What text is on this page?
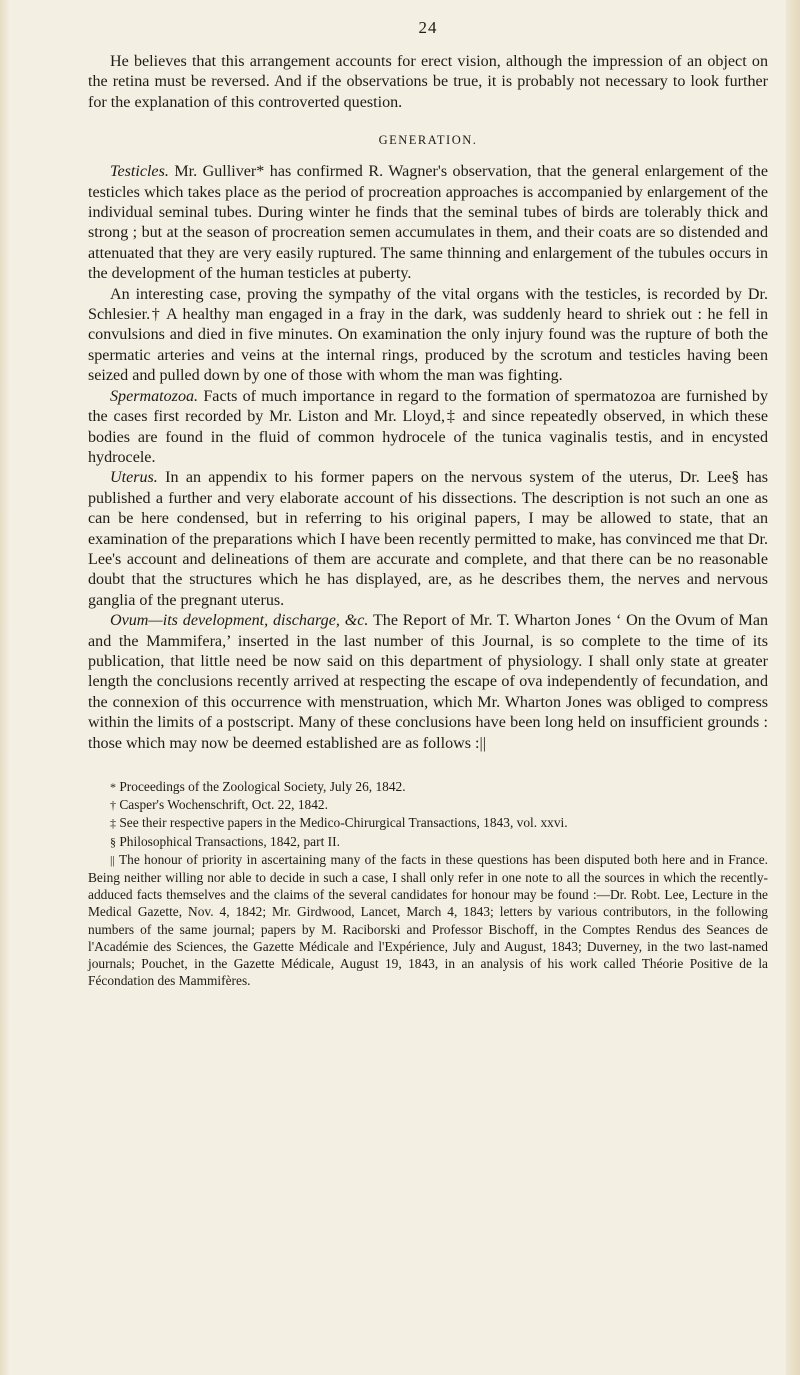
24

He believes that this arrangement accounts for erect vision, although the impression of an object on the retina must be reversed. And if the observations be true, it is probably not necessary to look further for the explanation of this controverted question.

GENERATION.

Testicles. Mr. Gulliver* has confirmed R. Wagner's observation, that the general enlargement of the testicles which takes place as the period of procreation approaches is accompanied by enlargement of the individual seminal tubes. During winter he finds that the seminal tubes of birds are tolerably thick and strong ; but at the season of procreation semen accumulates in them, and their coats are so distended and attenuated that they are very easily ruptured. The same thinning and enlargement of the tubules occurs in the development of the human testicles at puberty.

An interesting case, proving the sympathy of the vital organs with the testicles, is recorded by Dr. Schlesier.† A healthy man engaged in a fray in the dark, was suddenly heard to shriek out : he fell in convulsions and died in five minutes. On examination the only injury found was the rupture of both the spermatic arteries and veins at the internal rings, produced by the scrotum and testicles having been seized and pulled down by one of those with whom the man was fighting.

Spermatozoa. Facts of much importance in regard to the formation of spermatozoa are furnished by the cases first recorded by Mr. Liston and Mr. Lloyd,‡ and since repeatedly observed, in which these bodies are found in the fluid of common hydrocele of the tunica vaginalis testis, and in encysted hydrocele.

Uterus. In an appendix to his former papers on the nervous system of the uterus, Dr. Lee§ has published a further and very elaborate account of his dissections. The description is not such an one as can be here condensed, but in referring to his original papers, I may be allowed to state, that an examination of the preparations which I have been recently permitted to make, has convinced me that Dr. Lee's account and delineations of them are accurate and complete, and that there can be no reasonable doubt that the structures which he has displayed, are, as he describes them, the nerves and nervous ganglia of the pregnant uterus.

Ovum—its development, discharge, &c. The Report of Mr. T. Wharton Jones ‘ On the Ovum of Man and the Mammifera,’ inserted in the last number of this Journal, is so complete to the time of its publication, that little need be now said on this department of physiology. I shall only state at greater length the conclusions recently arrived at respecting the escape of ova independently of fecundation, and the connexion of this occurrence with menstruation, which Mr. Wharton Jones was obliged to compress within the limits of a postscript. Many of these conclusions have been long held on insufficient grounds : those which may now be deemed established are as follows :||

* Proceedings of the Zoological Society, July 26, 1842.

† Casper's Wochenschrift, Oct. 22, 1842.

‡ See their respective papers in the Medico-Chirurgical Transactions, 1843, vol. xxvi.

§ Philosophical Transactions, 1842, part II.

|| The honour of priority in ascertaining many of the facts in these questions has been disputed both here and in France. Being neither willing nor able to decide in such a case, I shall only refer in one note to all the sources in which the recently-adduced facts themselves and the claims of the several candidates for honour may be found :—Dr. Robt. Lee, Lecture in the Medical Gazette, Nov. 4, 1842; Mr. Girdwood, Lancet, March 4, 1843; letters by various contributors, in the following numbers of the same journal; papers by M. Raciborski and Professor Bischoff, in the Comptes Rendus des Seances de l'Académie des Sciences, the Gazette Médicale and l'Expérience, July and August, 1843; Duverney, in the two last-named journals; Pouchet, in the Gazette Médicale, August 19, 1843, in an analysis of his work called Théorie Positive de la Fécondation des Mammifères.
